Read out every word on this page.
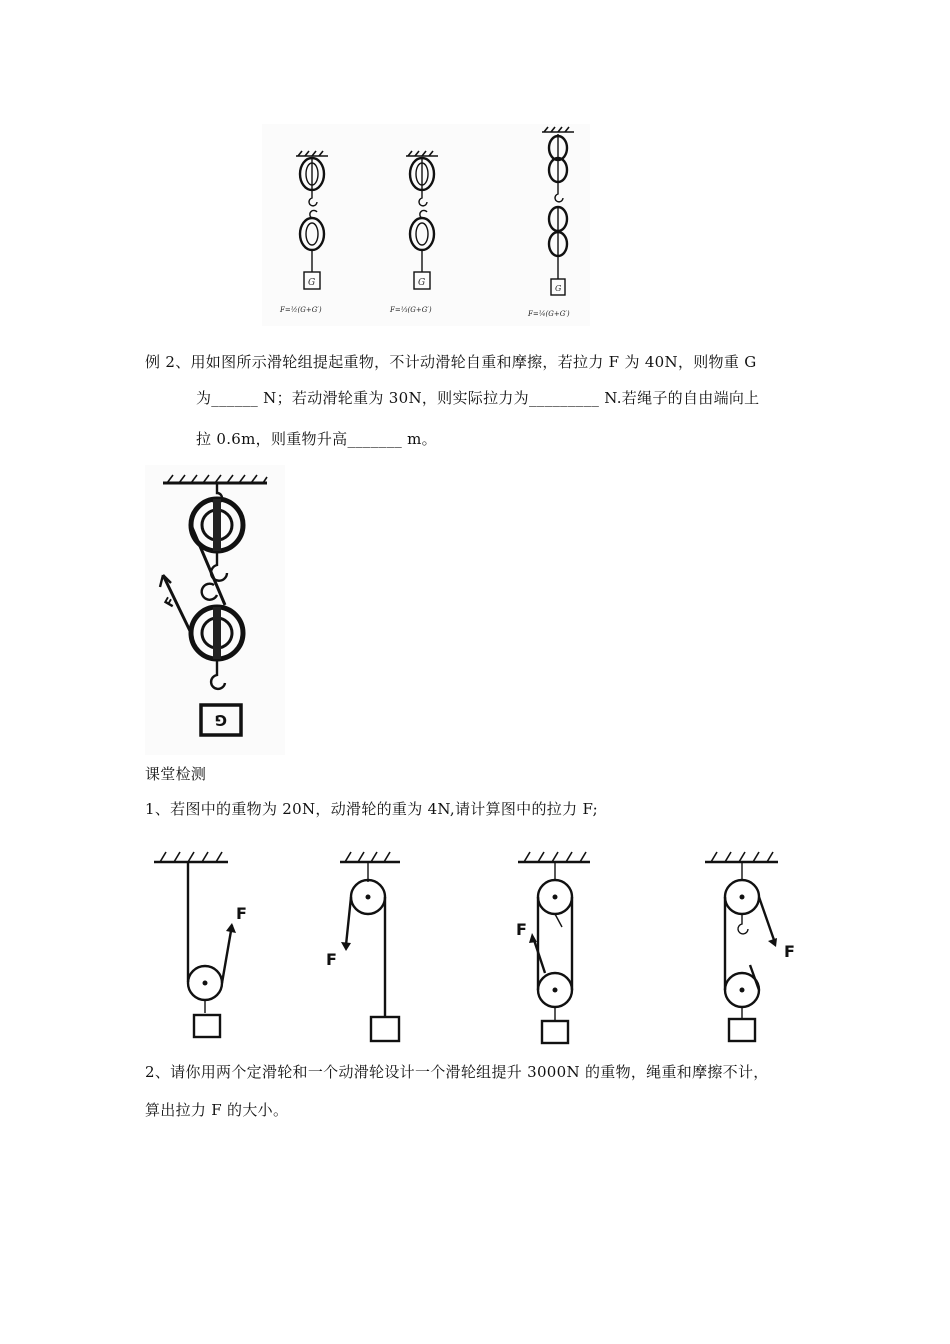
G
F=½(G+G′)
G
F=⅓(G+G′)
G
F=¼(G+G′)
例 2、用如图所示滑轮组提起重物，不计动滑轮自重和摩擦，若拉力 F 为 40N，则物重 G
为______ N；若动滑轮重为 30N，则实际拉力为_________ N.若绳子的自由端向上
拉 0.6m，则重物升高_______ m。
F
G
课堂检测
1、若图中的重物为 20N，动滑轮的重为 4N,请计算图中的拉力 F;
F
F
F
F
2、请你用两个定滑轮和一个动滑轮设计一个滑轮组提升 3000N 的重物，绳重和摩擦不计，
算出拉力 F 的大小。
